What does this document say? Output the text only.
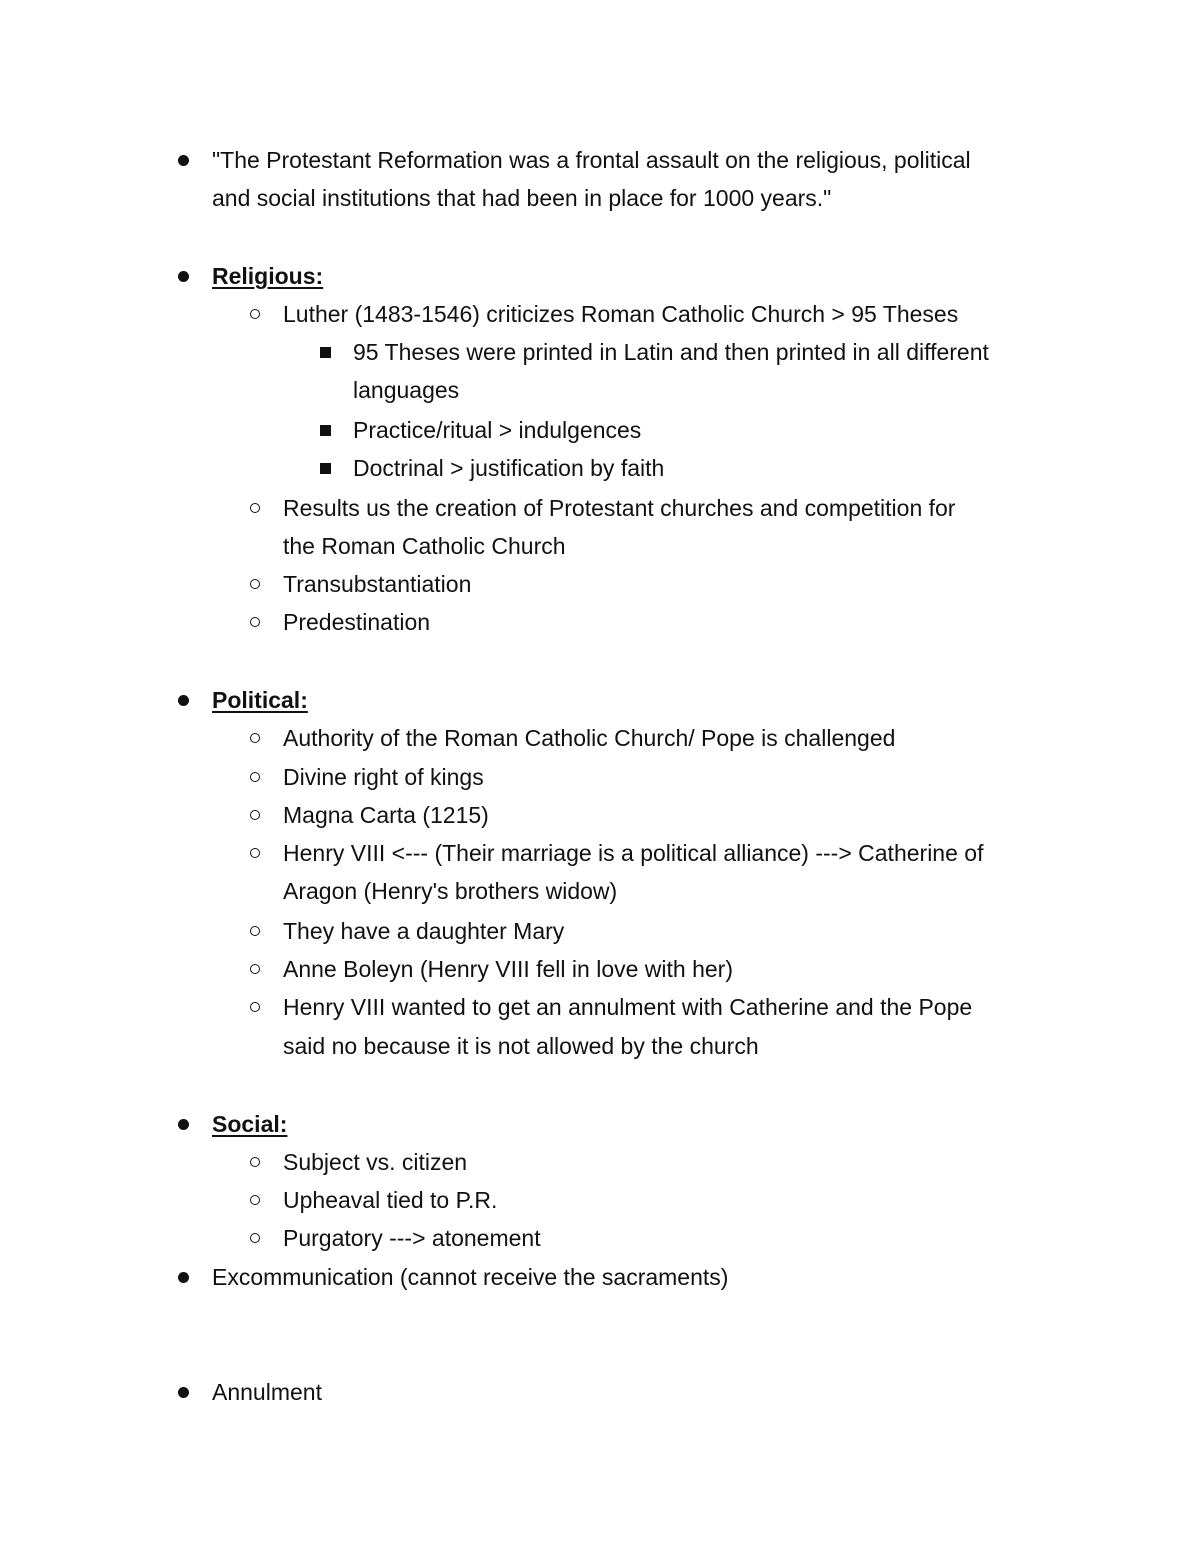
"The Protestant Reformation was a frontal assault on the religious, political
and social institutions that had been in place for 1000 years."
Religious:
Luther (1483-1546) criticizes Roman Catholic Church > 95 Theses
95 Theses were printed in Latin and then printed in all different
languages
Practice/ritual > indulgences
Doctrinal > justification by faith
Results us the creation of Protestant churches and competition for
the Roman Catholic Church
Transubstantiation
Predestination
Political:
Authority of the Roman Catholic Church/ Pope is challenged
Divine right of kings
Magna Carta (1215)
Henry VIII <--- (Their marriage is a political alliance) ---> Catherine of
Aragon (Henry's brothers widow)
They have a daughter Mary
Anne Boleyn (Henry VIII fell in love with her)
Henry VIII wanted to get an annulment with Catherine and the Pope
said no because it is not allowed by the church
Social:
Subject vs. citizen
Upheaval tied to P.R.
Purgatory ---> atonement
Excommunication (cannot receive the sacraments)
Annulment
